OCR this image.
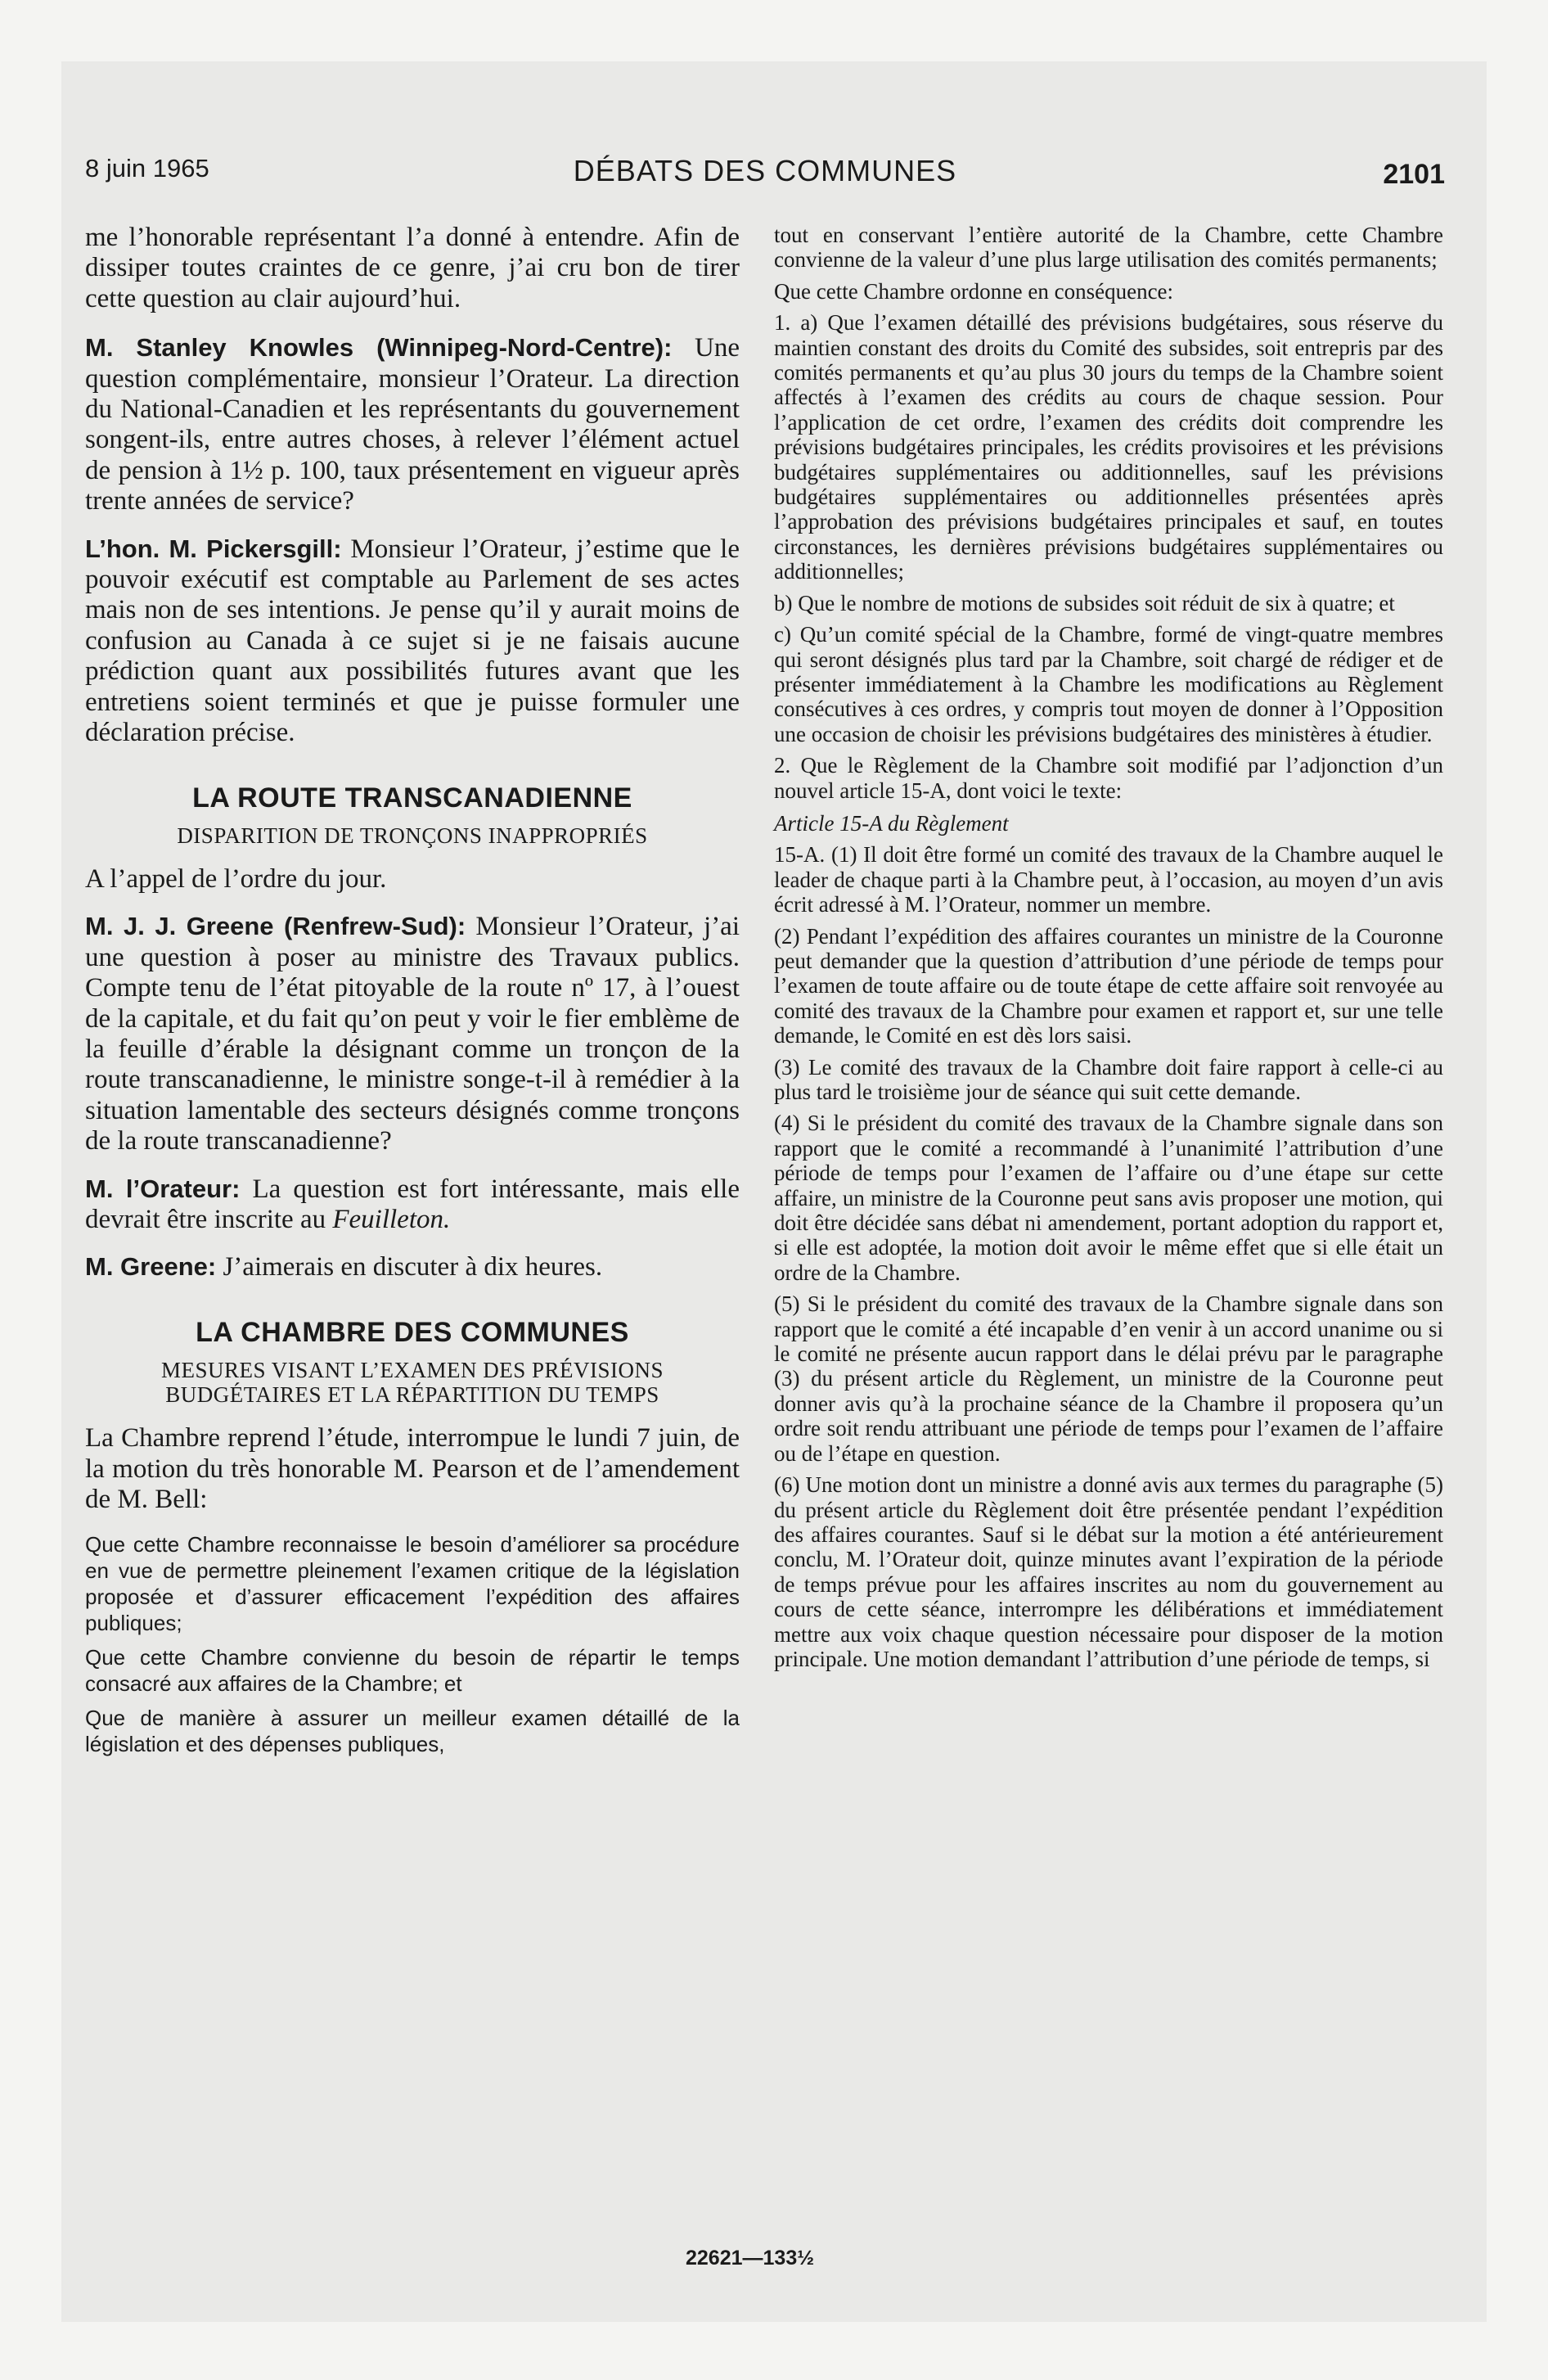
8 juin 1965	DÉBATS DES COMMUNES	2101

me l’honorable représentant l’a donné à entendre. Afin de dissiper toutes craintes de ce genre, j’ai cru bon de tirer cette question au clair aujourd’hui.

M. Stanley Knowles (Winnipeg-Nord-Centre): Une question complémentaire, monsieur l’Orateur. La direction du National-Canadien et les représentants du gouvernement songent-ils, entre autres choses, à relever l’élément actuel de pension à 1½ p. 100, taux présentement en vigueur après trente années de service?

L’hon. M. Pickersgill: Monsieur l’Orateur, j’estime que le pouvoir exécutif est comptable au Parlement de ses actes mais non de ses intentions. Je pense qu’il y aurait moins de confusion au Canada à ce sujet si je ne faisais aucune prédiction quant aux possibilités futures avant que les entretiens soient terminés et que je puisse formuler une déclaration précise.

LA ROUTE TRANSCANADIENNE
DISPARITION DE TRONÇONS INAPPROPRIÉS

A l’appel de l’ordre du jour.

M. J. J. Greene (Renfrew-Sud): Monsieur l’Orateur, j’ai une question à poser au ministre des Travaux publics. Compte tenu de l’état pitoyable de la route nº 17, à l’ouest de la capitale, et du fait qu’on peut y voir le fier emblème de la feuille d’érable la désignant comme un tronçon de la route transcanadienne, le ministre songe-t-il à remédier à la situation lamentable des secteurs désignés comme tronçons de la route transcanadienne?

M. l’Orateur: La question est fort intéressante, mais elle devrait être inscrite au Feuilleton.

M. Greene: J’aimerais en discuter à dix heures.

LA CHAMBRE DES COMMUNES
MESURES VISANT L’EXAMEN DES PRÉVISIONS BUDGÉTAIRES ET LA RÉPARTITION DU TEMPS

La Chambre reprend l’étude, interrompue le lundi 7 juin, de la motion du très honorable M. Pearson et de l’amendement de M. Bell:

Que cette Chambre reconnaisse le besoin d’améliorer sa procédure en vue de permettre pleinement l’examen critique de la législation proposée et d’assurer efficacement l’expédition des affaires publiques;

Que cette Chambre convienne du besoin de répartir le temps consacré aux affaires de la Chambre; et

Que de manière à assurer un meilleur examen détaillé de la législation et des dépenses publiques,

tout en conservant l’entière autorité de la Chambre, cette Chambre convienne de la valeur d’une plus large utilisation des comités permanents;

Que cette Chambre ordonne en conséquence:

1. a) Que l’examen détaillé des prévisions budgétaires, sous réserve du maintien constant des droits du Comité des subsides, soit entrepris par des comités permanents et qu’au plus 30 jours du temps de la Chambre soient affectés à l’examen des crédits au cours de chaque session. Pour l’application de cet ordre, l’examen des crédits doit comprendre les prévisions budgétaires principales, les crédits provisoires et les prévisions budgétaires supplémentaires ou additionnelles, sauf les prévisions budgétaires supplémentaires ou additionnelles présentées après l’approbation des prévisions budgétaires principales et sauf, en toutes circonstances, les dernières prévisions budgétaires supplémentaires ou additionnelles;

b) Que le nombre de motions de subsides soit réduit de six à quatre; et

c) Qu’un comité spécial de la Chambre, formé de vingt-quatre membres qui seront désignés plus tard par la Chambre, soit chargé de rédiger et de présenter immédiatement à la Chambre les modifications au Règlement consécutives à ces ordres, y compris tout moyen de donner à l’Opposition une occasion de choisir les prévisions budgétaires des ministères à étudier.

2. Que le Règlement de la Chambre soit modifié par l’adjonction d’un nouvel article 15-A, dont voici le texte:

Article 15-A du Règlement

15-A. (1) Il doit être formé un comité des travaux de la Chambre auquel le leader de chaque parti à la Chambre peut, à l’occasion, au moyen d’un avis écrit adressé à M. l’Orateur, nommer un membre.

(2) Pendant l’expédition des affaires courantes un ministre de la Couronne peut demander que la question d’attribution d’une période de temps pour l’examen de toute affaire ou de toute étape de cette affaire soit renvoyée au comité des travaux de la Chambre pour examen et rapport et, sur une telle demande, le Comité en est dès lors saisi.

(3) Le comité des travaux de la Chambre doit faire rapport à celle-ci au plus tard le troisième jour de séance qui suit cette demande.

(4) Si le président du comité des travaux de la Chambre signale dans son rapport que le comité a recommandé à l’unanimité l’attribution d’une période de temps pour l’examen de l’affaire ou d’une étape sur cette affaire, un ministre de la Couronne peut sans avis proposer une motion, qui doit être décidée sans débat ni amendement, portant adoption du rapport et, si elle est adoptée, la motion doit avoir le même effet que si elle était un ordre de la Chambre.

(5) Si le président du comité des travaux de la Chambre signale dans son rapport que le comité a été incapable d’en venir à un accord unanime ou si le comité ne présente aucun rapport dans le délai prévu par le paragraphe (3) du présent article du Règlement, un ministre de la Couronne peut donner avis qu’à la prochaine séance de la Chambre il proposera qu’un ordre soit rendu attribuant une période de temps pour l’examen de l’affaire ou de l’étape en question.

(6) Une motion dont un ministre a donné avis aux termes du paragraphe (5) du présent article du Règlement doit être présentée pendant l’expédition des affaires courantes. Sauf si le débat sur la motion a été antérieurement conclu, M. l’Orateur doit, quinze minutes avant l’expiration de la période de temps prévue pour les affaires inscrites au nom du gouvernement au cours de cette séance, interrompre les délibérations et immédiatement mettre aux voix chaque question nécessaire pour disposer de la motion principale. Une motion demandant l’attribution d’une période de temps, si

22621—133½
